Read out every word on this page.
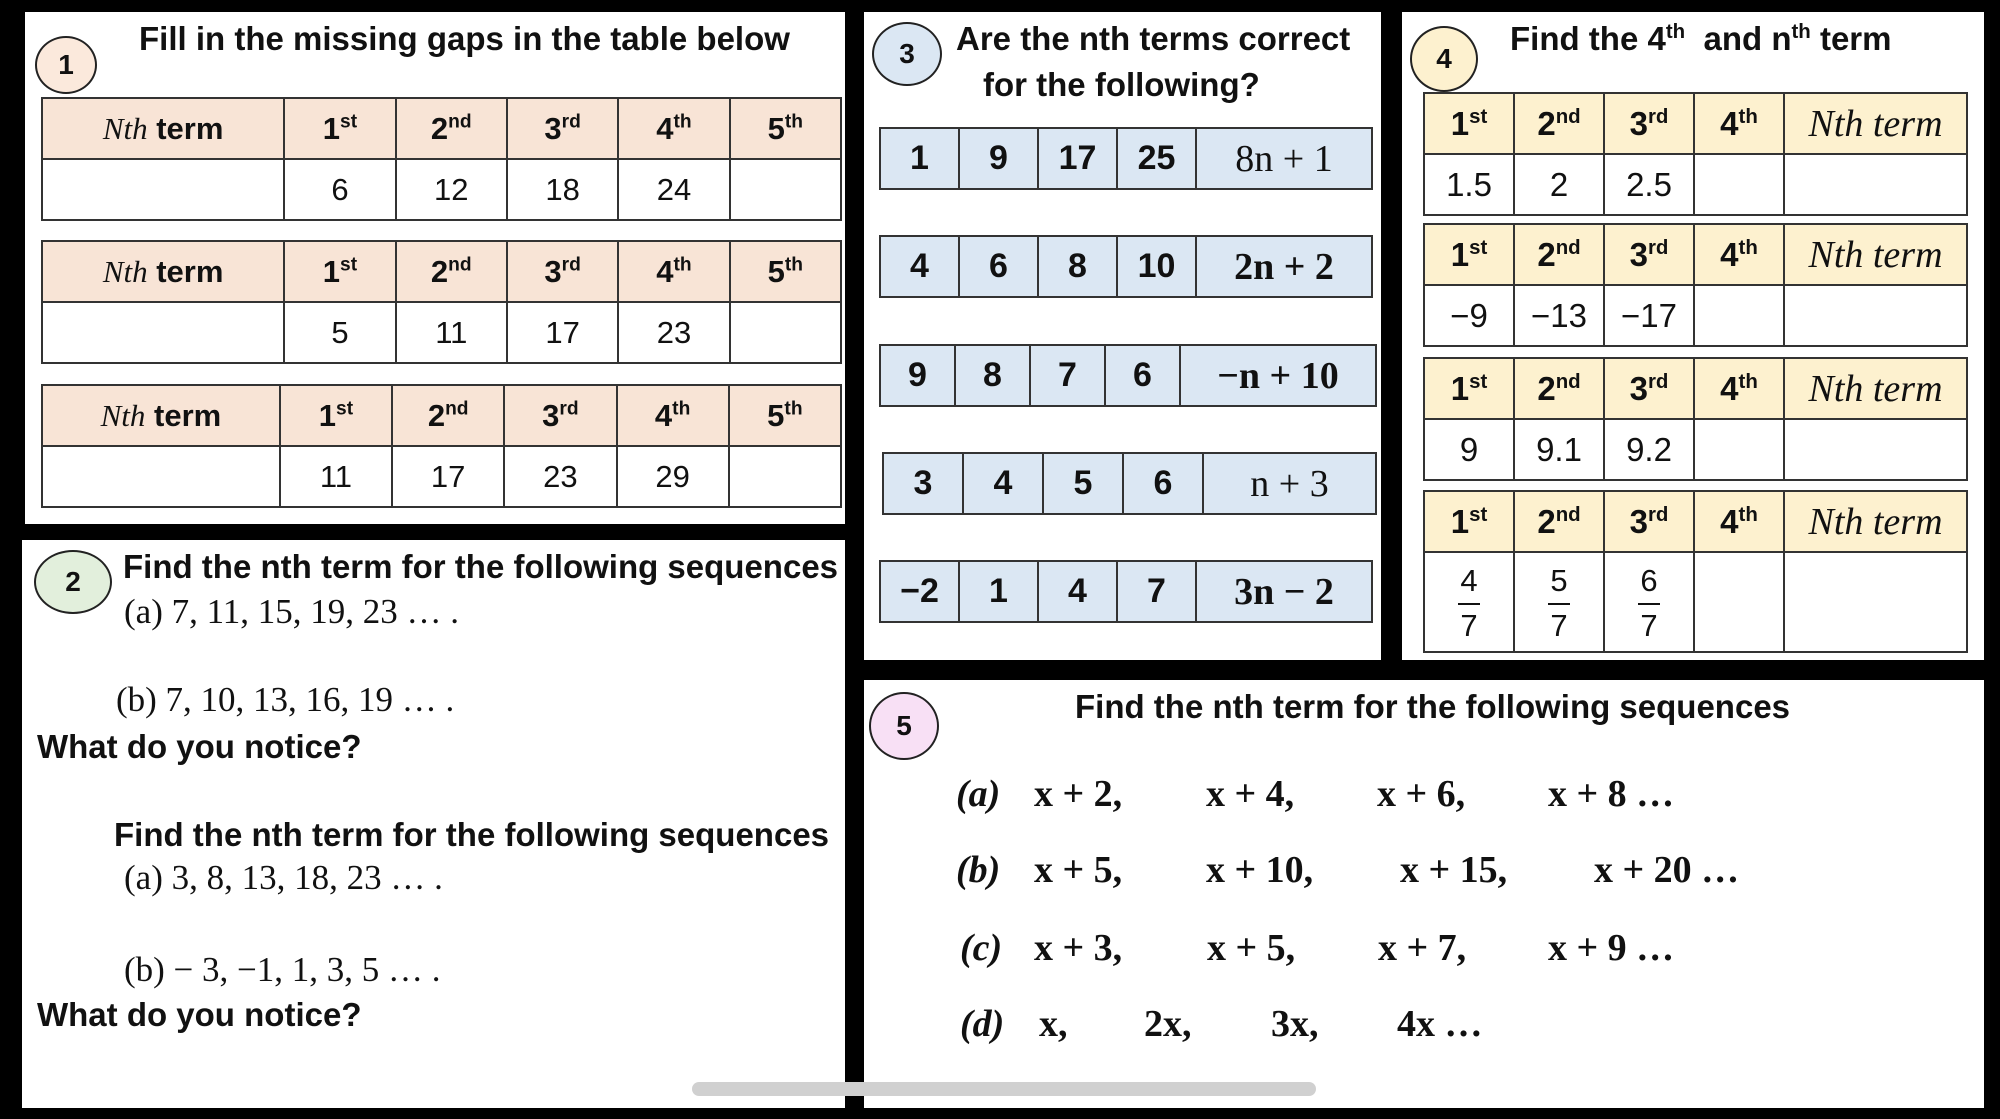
1
Fill in the missing gaps in the table below
Nth term	1st	2nd	3rd	4th	5th
	6	12	18	24	
Nth term	1st	2nd	3rd	4th	5th
	5	11	17	23	
Nth term	1st	2nd	3rd	4th	5th
	11	17	23	29	
2 Find the nth term for the following sequences
(a) 7, 11, 15, 19, 23 … .
(b) 7, 10, 13, 16, 19 … .
What do you notice?
Find the nth term for the following sequences
(a) 3, 8, 13, 18, 23 … .
(b) − 3, −1, 1, 3, 5 … .
What do you notice?
3 Are the nth terms correct
for the following?
1	9	17	25	8n + 1
4	6	8	10	2n + 2
9	8	7	6	−n + 10
3	4	5	6	n + 3
−2	1	4	7	3n − 2
4
Find the 4th  and $n^{th}$ term
1st	2nd	3rd	4th	Nth term
1.5	2	2.5		
1st	2nd	3rd	4th	Nth term
−9	−13	−17		
1st	2nd	3rd	4th	Nth term
9	9.1	9.2		
1st	2nd	3rd	4th	Nth term

$\frac{4}{7}$	$\frac{5}{7}$	$\frac{6}{7}$

5
Find the nth term for the following sequences
(a) x + 2, x + 4, x + 6, x + 8 …
(b) x + 5, x + 10, x + 15, x + 20 …
(c) x + 3, x + 5, x + 7, x + 9 …
(d) x, 2x, 3x, 4x …
